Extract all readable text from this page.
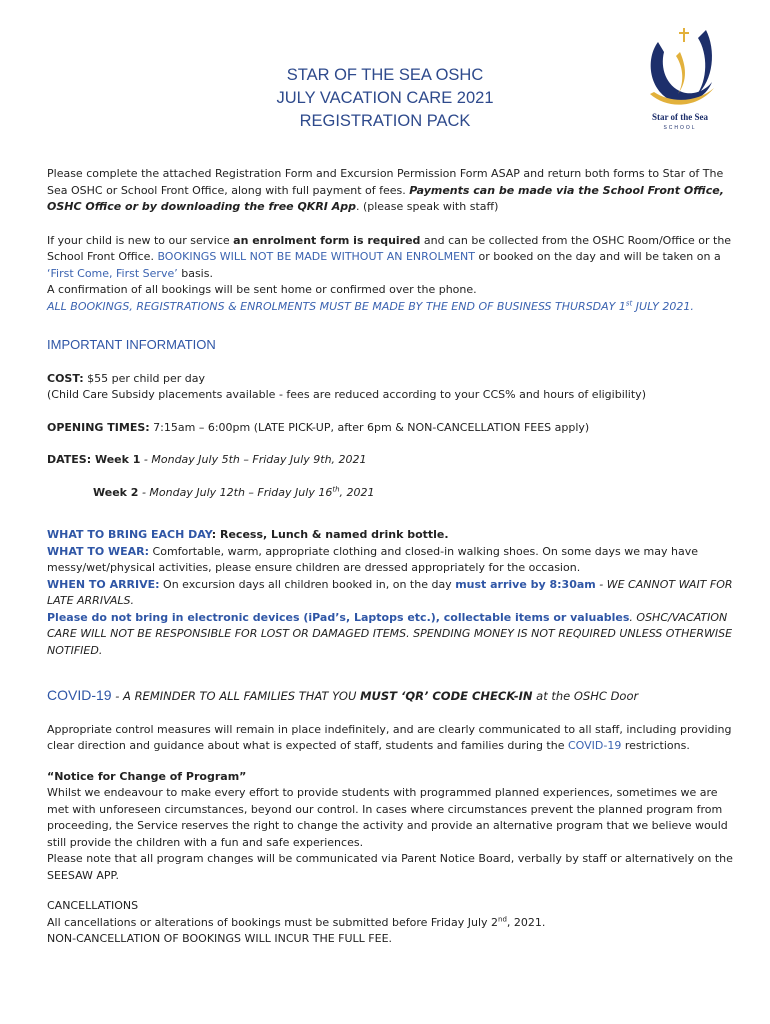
STAR OF THE SEA OSHC
JULY VACATION CARE 2021
REGISTRATION PACK	Star of the Sea
SCHOOL

Please complete the attached Registration Form and Excursion Permission Form ASAP and return both forms to Star of The Sea OSHC or School Front Office, along with full payment of fees. Payments can be made via the School Front Office, OSHC Office or by downloading the free QKRI App. (please speak with staff)

If your child is new to our service an enrolment form is required and can be collected from the OSHC Room/Office or the School Front Office. BOOKINGS WILL NOT BE MADE WITHOUT AN ENROLMENT or booked on the day and will be taken on a ‘First Come, First Serve’ basis.

A confirmation of all bookings will be sent home or confirmed over the phone.

ALL BOOKINGS, REGISTRATIONS & ENROLMENTS MUST BE MADE BY THE END OF BUSINESS THURSDAY 1st JULY 2021.

IMPORTANT INFORMATION

COST: $55 per child per day

(Child Care Subsidy placements available - fees are reduced according to your CCS% and hours of eligibility)

OPENING TIMES: 7:15am – 6:00pm (LATE PICK-UP, after 6pm & NON-CANCELLATION FEES apply)

DATES: Week 1 - Monday July 5th – Friday July 9th, 2021

Week 2 - Monday July 12th – Friday July 16th, 2021

WHAT TO BRING EACH DAY: Recess, Lunch & named drink bottle.

WHAT TO WEAR: Comfortable, warm, appropriate clothing and closed-in walking shoes. On some days we may have messy/wet/physical activities, please ensure children are dressed appropriately for the occasion.

WHEN TO ARRIVE: On excursion days all children booked in, on the day must arrive by 8:30am - WE CANNOT WAIT FOR LATE ARRIVALS.

Please do not bring in electronic devices (iPad’s, Laptops etc.), collectable items or valuables. OSHC/VACATION CARE WILL NOT BE RESPONSIBLE FOR LOST OR DAMAGED ITEMS. SPENDING MONEY IS NOT REQUIRED UNLESS OTHERWISE NOTIFIED.

COVID-19 - A REMINDER TO ALL FAMILIES THAT YOU MUST ‘QR’ CODE CHECK-IN at the OSHC Door

Appropriate control measures will remain in place indefinitely, and are clearly communicated to all staff, including providing clear direction and guidance about what is expected of staff, students and families during the COVID-19 restrictions.

“Notice for Change of Program”

Whilst we endeavour to make every effort to provide students with programmed planned experiences, sometimes we are met with unforeseen circumstances, beyond our control. In cases where circumstances prevent the planned program from proceeding, the Service reserves the right to change the activity and provide an alternative program that we believe would still provide the children with a fun and safe experiences.

Please note that all program changes will be communicated via Parent Notice Board, verbally by staff or alternatively on the SEESAW APP.

CANCELLATIONS

All cancellations or alterations of bookings must be submitted before Friday July 2nd, 2021.

NON-CANCELLATION OF BOOKINGS WILL INCUR THE FULL FEE.
